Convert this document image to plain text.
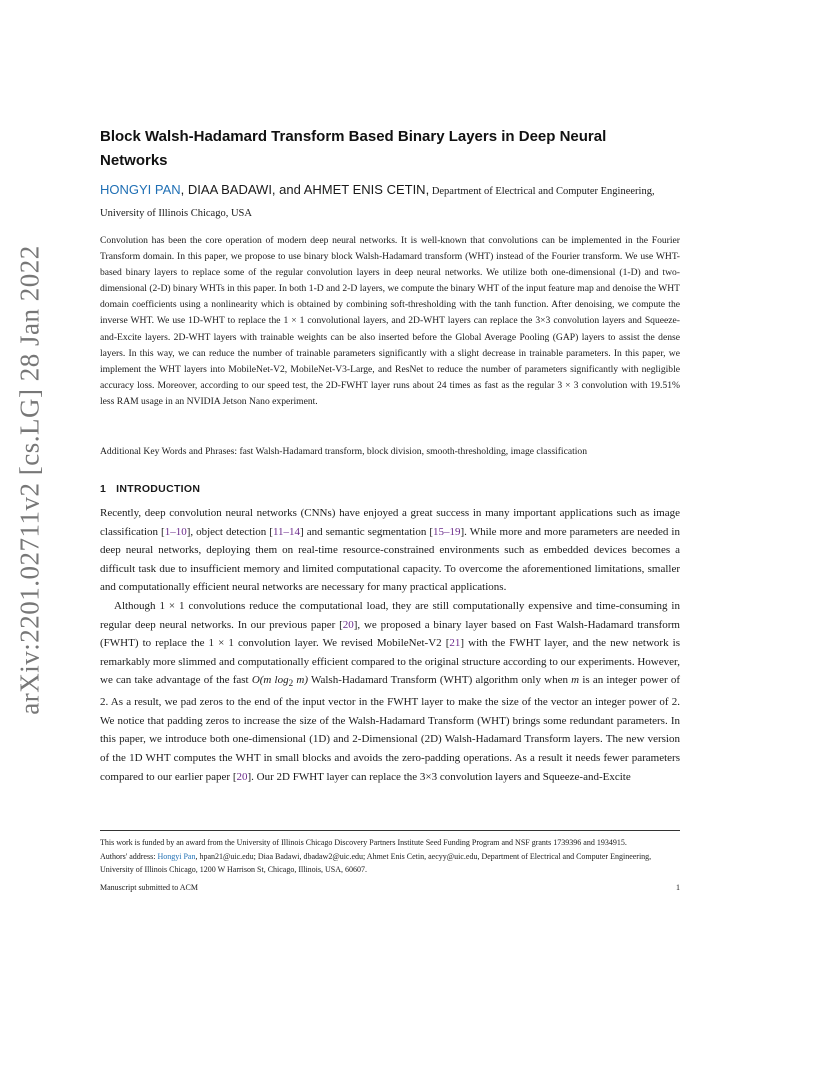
arXiv:2201.02711v2 [cs.LG] 28 Jan 2022
Block Walsh-Hadamard Transform Based Binary Layers in Deep Neural Networks
HONGYI PAN, DIAA BADAWI, and AHMET ENIS CETIN, Department of Electrical and Computer Engineering, University of Illinois Chicago, USA

Convolution has been the core operation of modern deep neural networks. It is well-known that convolutions can be implemented in the Fourier Transform domain. In this paper, we propose to use binary block Walsh-Hadamard transform (WHT) instead of the Fourier transform. We use WHT-based binary layers to replace some of the regular convolution layers in deep neural networks. We utilize both one-dimensional (1-D) and two-dimensional (2-D) binary WHTs in this paper. In both 1-D and 2-D layers, we compute the binary WHT of the input feature map and denoise the WHT domain coefficients using a nonlinearity which is obtained by combining soft-thresholding with the tanh function. After denoising, we compute the inverse WHT. We use 1D-WHT to replace the 1 × 1 convolutional layers, and 2D-WHT layers can replace the 3×3 convolution layers and Squeeze-and-Excite layers. 2D-WHT layers with trainable weights can be also inserted before the Global Average Pooling (GAP) layers to assist the dense layers. In this way, we can reduce the number of trainable parameters significantly with a slight decrease in trainable parameters. In this paper, we implement the WHT layers into MobileNet-V2, MobileNet-V3-Large, and ResNet to reduce the number of parameters significantly with negligible accuracy loss. Moreover, according to our speed test, the 2D-FWHT layer runs about 24 times as fast as the regular 3 × 3 convolution with 19.51% less RAM usage in an NVIDIA Jetson Nano experiment.

Additional Key Words and Phrases: fast Walsh-Hadamard transform, block division, smooth-thresholding, image classification
1 INTRODUCTION

Recently, deep convolution neural networks (CNNs) have enjoyed a great success in many important applications such as image classification [1–10], object detection [11–14] and semantic segmentation [15–19]. While more and more parameters are needed in deep neural networks, deploying them on real-time resource-constrained environments such as embedded devices becomes a difficult task due to insufficient memory and limited computational capacity. To overcome the aforementioned limitations, smaller and computationally efficient neural networks are necessary for many practical applications.

Although 1 × 1 convolutions reduce the computational load, they are still computationally expensive and time-consuming in regular deep neural networks. In our previous paper [20], we proposed a binary layer based on Fast Walsh-Hadamard transform (FWHT) to replace the 1 × 1 convolution layer. We revised MobileNet-V2 [21] with the FWHT layer, and the new network is remarkably more slimmed and computationally efficient compared to the original structure according to our experiments. However, we can take advantage of the fast O(m $\log_2 m$) Walsh-Hadamard Transform (WHT) algorithm only when m is an integer power of 2. As a result, we pad zeros to the end of the input vector in the FWHT layer to make the size of the vector an integer power of 2. We notice that padding zeros to increase the size of the Walsh-Hadamard Transform (WHT) brings some redundant parameters. In this paper, we introduce both one-dimensional (1D) and 2-Dimensional (2D) Walsh-Hadamard Transform layers. The new version of the 1D WHT computes the WHT in small blocks and avoids the zero-padding operations. As a result it needs fewer parameters compared to our earlier paper [20]. Our 2D FWHT layer can replace the 3×3 convolution layers and Squeeze-and-Excite

This work is funded by an award from the University of Illinois Chicago Discovery Partners Institute Seed Funding Program and NSF grants 1739396 and 1934915.

Authors' address: Hongyi Pan, hpan21@uic.edu; Diaa Badawi, dbadaw2@uic.edu; Ahmet Enis Cetin, aecyy@uic.edu, Department of Electrical and Computer Engineering, University of Illinois Chicago, 1200 W Harrison St, Chicago, Illinois, USA, 60607.

Manuscript submitted to ACM	1
